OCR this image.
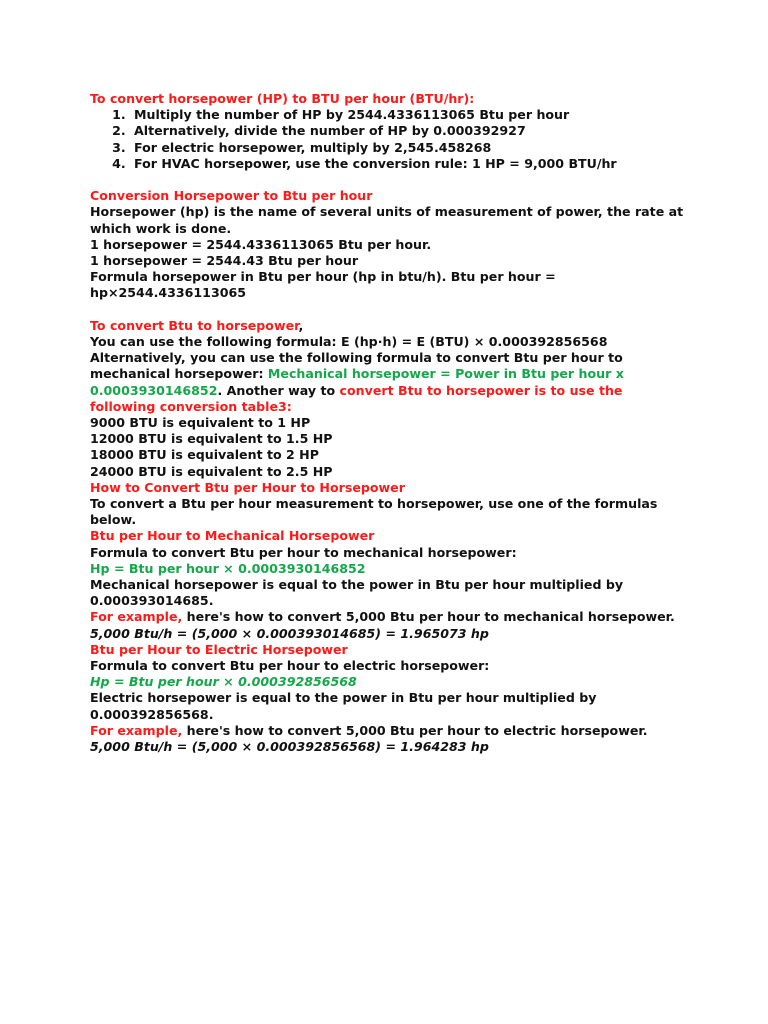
To convert horsepower (HP) to BTU per hour (BTU/hr):
1. Multiply the number of HP by 2544.4336113065 Btu per hour
2. Alternatively, divide the number of HP by 0.000392927
3. For electric horsepower, multiply by 2,545.458268
4. For HVAC horsepower, use the conversion rule: 1 HP = 9,000 BTU/hr
Conversion Horsepower to Btu per hour
Horsepower (hp) is the name of several units of measurement of power, the rate at which work is done.
1 horsepower = 2544.4336113065 Btu per hour.
1 horsepower = 2544.43 Btu per hour
Formula horsepower in Btu per hour (hp in btu/h). Btu per hour = hp×2544.4336113065
To convert Btu to horsepower,
You can use the following formula: E (hp·h) = E (BTU) × 0.000392856568
Alternatively, you can use the following formula to convert Btu per hour to mechanical horsepower: Mechanical horsepower = Power in Btu per hour x 0.0003930146852. Another way to convert Btu to horsepower is to use the following conversion table3:
9000 BTU is equivalent to 1 HP
12000 BTU is equivalent to 1.5 HP
18000 BTU is equivalent to 2 HP
24000 BTU is equivalent to 2.5 HP
How to Convert Btu per Hour to Horsepower
To convert a Btu per hour measurement to horsepower, use one of the formulas below.
Btu per Hour to Mechanical Horsepower
Formula to convert Btu per hour to mechanical horsepower:
Hp = Btu per hour × 0.0003930146852
Mechanical horsepower is equal to the power in Btu per hour multiplied by 0.000393014685.
For example, here's how to convert 5,000 Btu per hour to mechanical horsepower.
5,000 Btu/h = (5,000 × 0.000393014685) = 1.965073 hp
Btu per Hour to Electric Horsepower
Formula to convert Btu per hour to electric horsepower:
Hp = Btu per hour × 0.000392856568
Electric horsepower is equal to the power in Btu per hour multiplied by 0.000392856568.
For example, here's how to convert 5,000 Btu per hour to electric horsepower.
5,000 Btu/h = (5,000 × 0.000392856568) = 1.964283 hp
